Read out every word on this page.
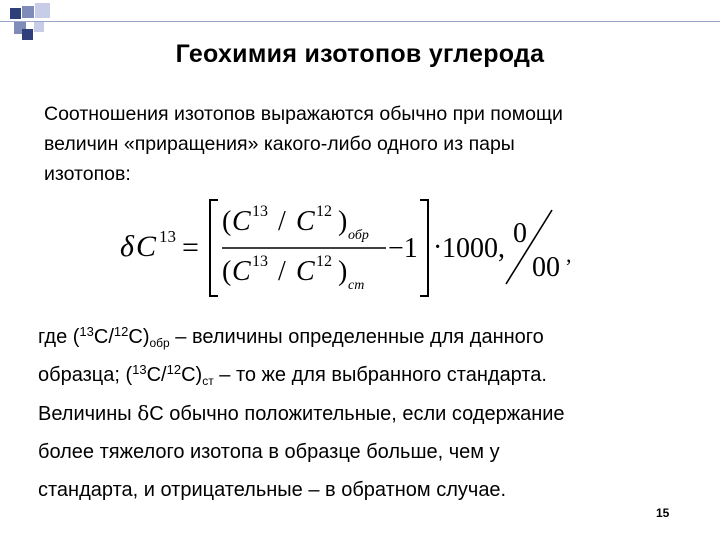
Геохимия изотопов углерода
Соотношения изотопов выражаются обычно при помощи
величин «приращения» какого-либо одного из пары
изотопов:
δ C 13 =
( C 13 / C 12 ) обр
( C 13 / C 12 ) ст
−1 · 1000, 0
00 ,
где $(^{13}C/^{12}C)_{обр}$ – величины определенные для данного
образца; $(^{13}C/^{12}C)_{ст}$ – то же для выбранного стандарта.
Величины δC обычно положительные, если содержание
более тяжелого изотопа в образце больше, чем у
стандарта, и отрицательные – в обратном случае.
15
